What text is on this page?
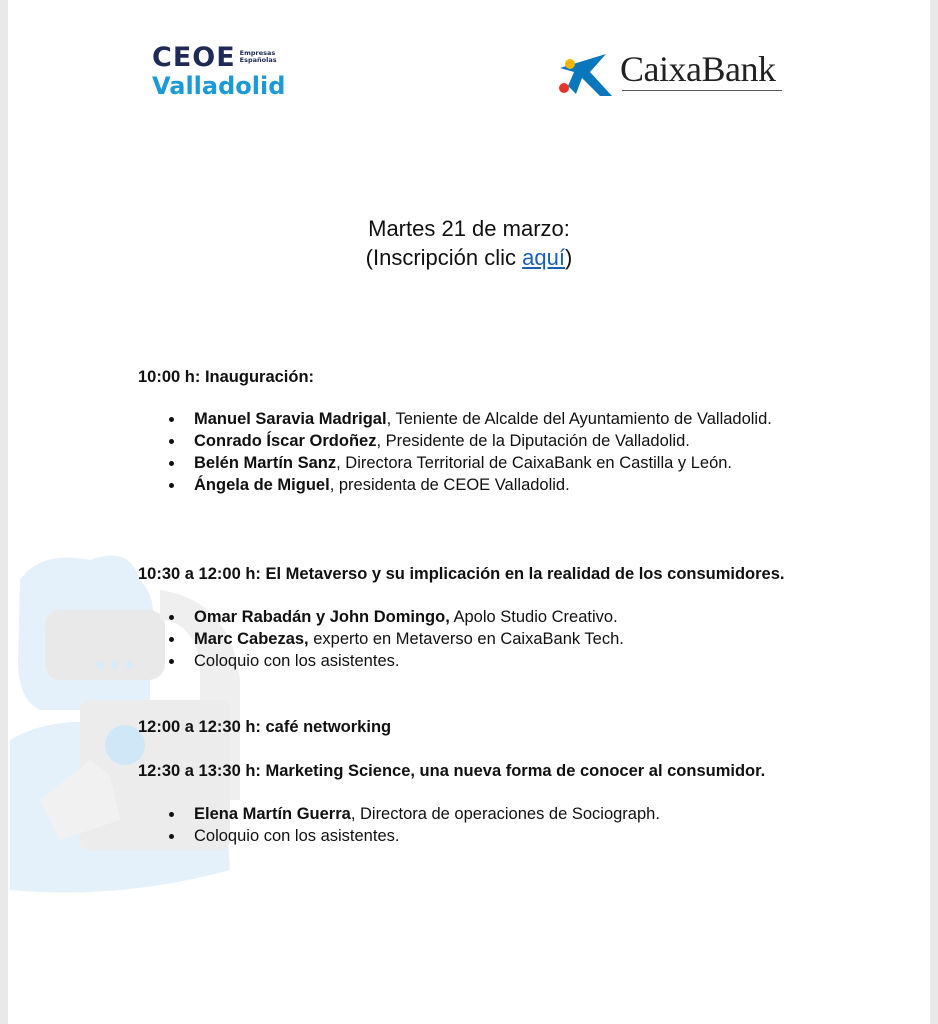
CEOE Empresas
Españolas
Valladolid	CaixaBank
Martes 21 de marzo:
(Inscripción clic aquí)

10:00 h: Inauguración:

Manuel Saravia Madrigal, Teniente de Alcalde del Ayuntamiento de Valladolid.
Conrado Íscar Ordoñez, Presidente de la Diputación de Valladolid.
Belén Martín Sanz, Directora Territorial de CaixaBank en Castilla y León.
Ángela de Miguel, presidenta de CEOE Valladolid.

10:30 a 12:00 h: El Metaverso y su implicación en la realidad de los consumidores.

Omar Rabadán y John Domingo, Apolo Studio Creativo.
Marc Cabezas, experto en Metaverso en CaixaBank Tech.
Coloquio con los asistentes.

12:00 a 12:30 h: café networking

12:30 a 13:30 h: Marketing Science, una nueva forma de conocer al consumidor.

Elena Martín Guerra, Directora de operaciones de Sociograph.
Coloquio con los asistentes.
